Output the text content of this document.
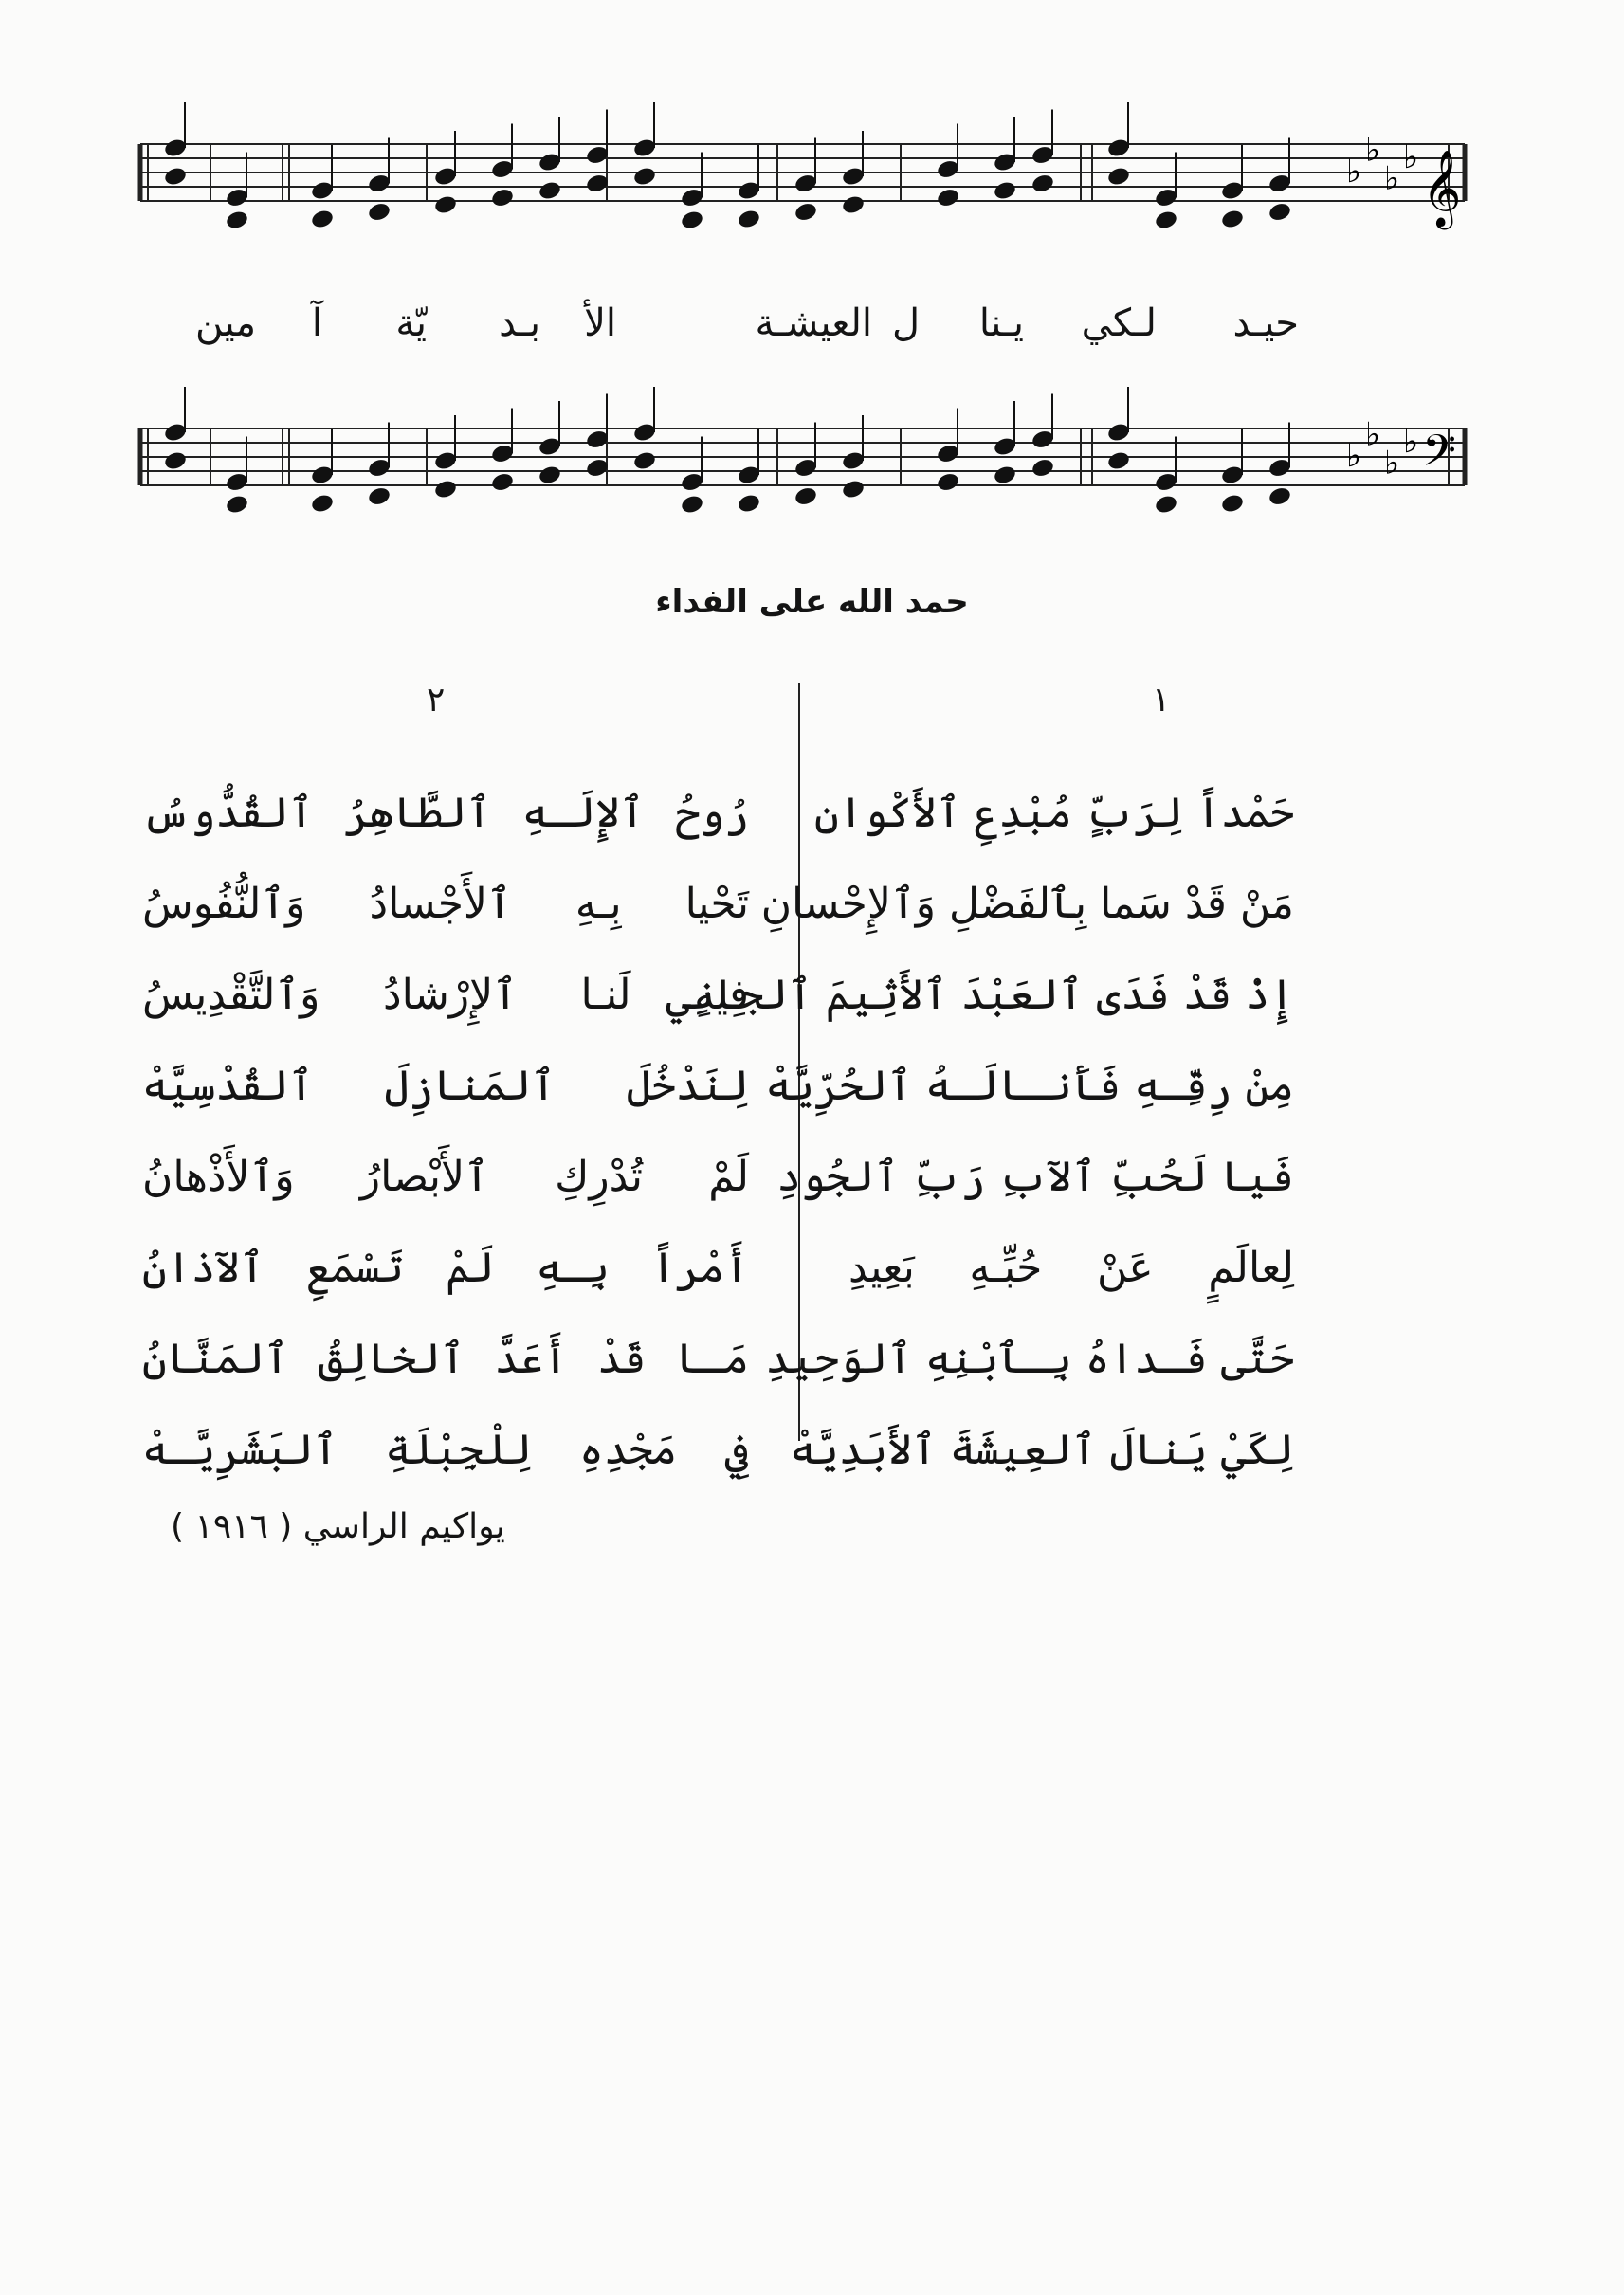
♭
♭
♭
♭
♭
♭
♭
♭
𝄞
𝄢
حيـد
لـكي
يـنا
ل
العيشـة
الأ
بـد
يّة
آ
مين
حمد الله على الفداء
١
٢
حَمْداً لِرَبٍّ مُبْدِعِ ٱلأَكْوانِ
مَنْ قَدْ سَما بِٱلفَضْلِ وَٱلإِحْسانِ
إِذْ قَدْ فَدَى ٱلعَبْدَ ٱلأَثِيمَ ٱلجانِي
مِنْ رِقِّـهِ فَأَنـالَـهُ ٱلحُرِّيَّهْ
فَيا لَحُبِّ ٱلآبِ رَبِّ ٱلجُودِ
لِعالَمٍ عَنْ حُبِّـهِ بَعِيدِ
حَتَّى فَـداهُ بِـٱبْنِهِ ٱلوَحِيدِ
لِكَيْ يَنالَ ٱلعِيشَةَ ٱلأَبَدِيَّهْ
رُوحُ ٱلإِلَـهِ ٱلطَّاهِرُ ٱلقُدُّوسُ
تَحْيا بِـهِ ٱلأَجْسادُ وَٱلنُّفُوسُ
فِيهِ لَنـا ٱلإِرْشادُ وَٱلتَّقْدِيسُ
لِنَدْخُلَ ٱلمَنازِلَ ٱلقُدْسِيَّهْ
لَمْ تُدْرِكِ ٱلأَبْصارُ وَٱلأَذْهانُ
أَمْراً بِـهِ لَمْ تَسْمَعِ ٱلآذانُ
مَـا قَدْ أَعَدَّ ٱلخالِقُ ٱلمَنَّانُ
فِي مَجْدِهِ لِلْجِبْلَةِ ٱلبَشَرِيَّـهْ
يواكيم الراسي ( ١٩١٦ )
